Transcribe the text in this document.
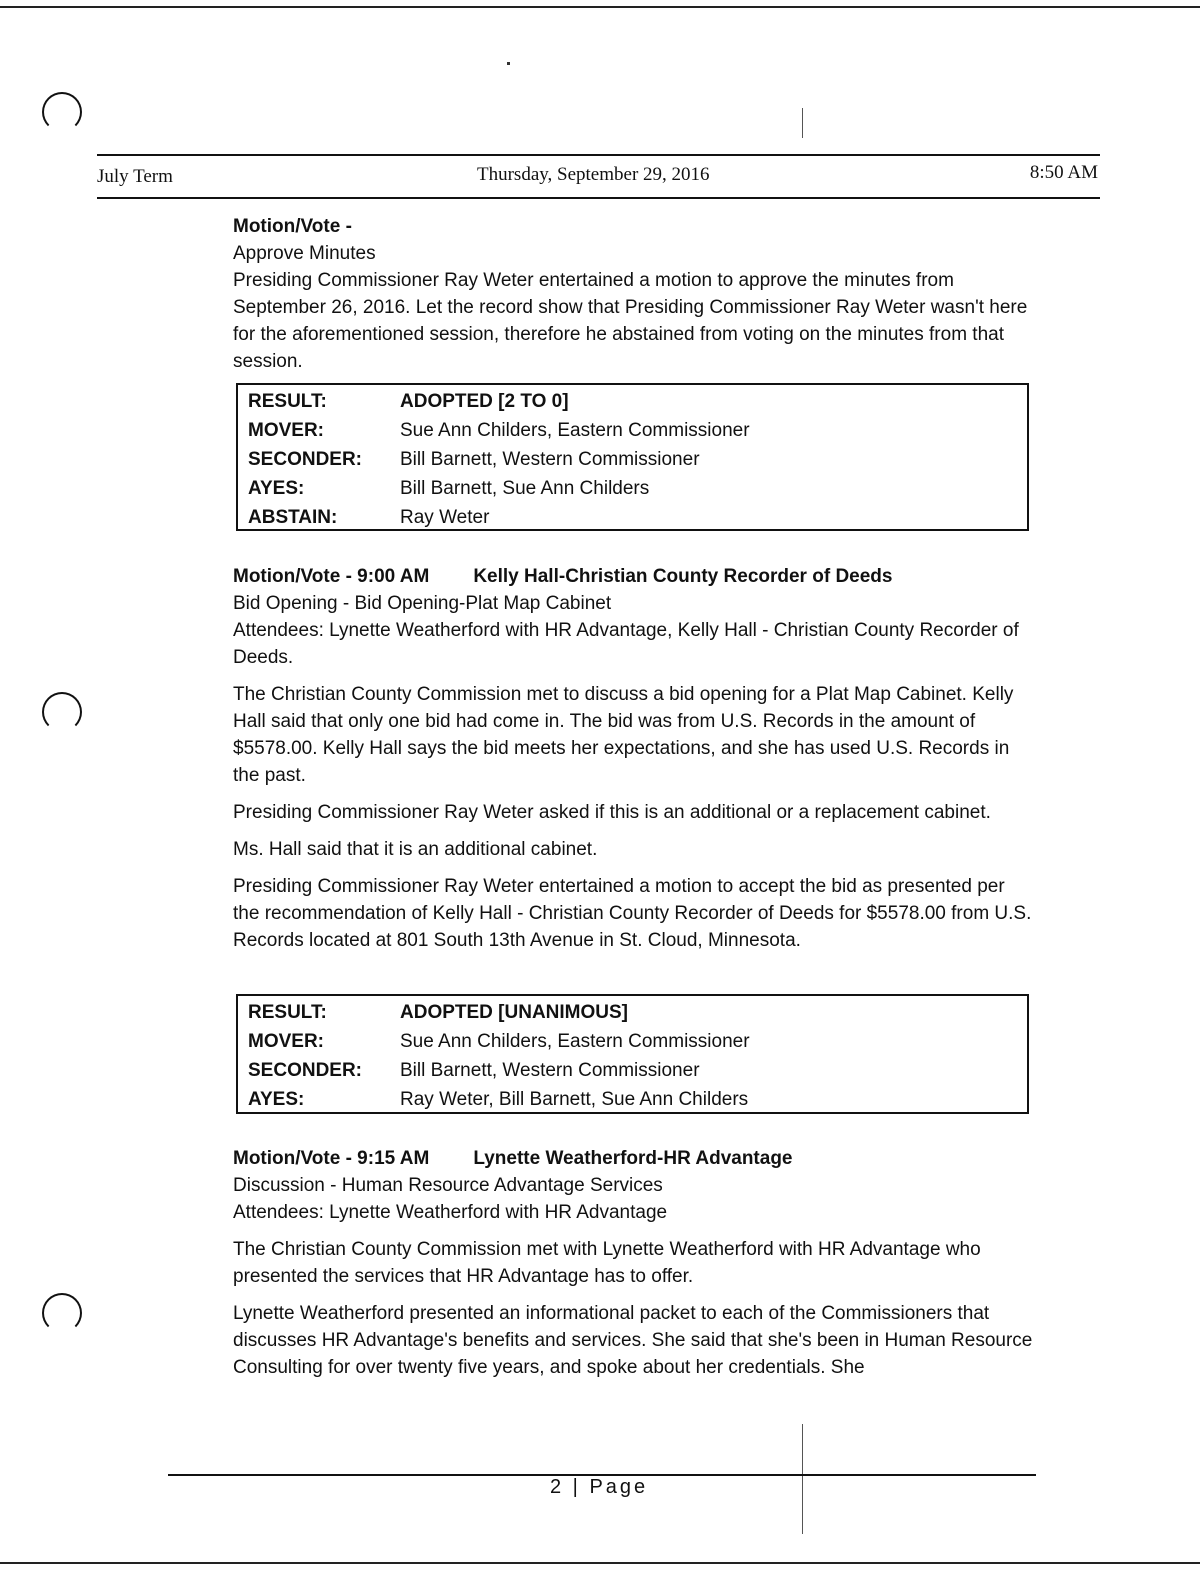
July Term	Thursday, September 29, 2016	8:50 AM

Motion/Vote -

Approve Minutes

Presiding Commissioner Ray Weter entertained a motion to approve the minutes from September 26, 2016. Let the record show that Presiding Commissioner Ray Weter wasn't here for the aforementioned session, therefore he abstained from voting on the minutes from that session.

RESULT:	ADOPTED [2 TO 0]
MOVER:	Sue Ann Childers, Eastern Commissioner
SECONDER: Bill Barnett, Western Commissioner
AYES:	Bill Barnett, Sue Ann Childers
ABSTAIN:	Ray Weter

Motion/Vote - 9:00 AM Kelly Hall-Christian County Recorder of Deeds

Bid Opening - Bid Opening-Plat Map Cabinet

Attendees: Lynette Weatherford with HR Advantage, Kelly Hall - Christian County Recorder of Deeds.

The Christian County Commission met to discuss a bid opening for a Plat Map Cabinet. Kelly Hall said that only one bid had come in. The bid was from U.S. Records in the amount of $5578.00. Kelly Hall says the bid meets her expectations, and she has used U.S. Records in the past.

Presiding Commissioner Ray Weter asked if this is an additional or a replacement cabinet.

Ms. Hall said that it is an additional cabinet.

Presiding Commissioner Ray Weter entertained a motion to accept the bid as presented per the recommendation of Kelly Hall - Christian County Recorder of Deeds for $5578.00 from U.S. Records located at 801 South 13th Avenue in St. Cloud, Minnesota.

RESULT:	ADOPTED [UNANIMOUS]
MOVER:	Sue Ann Childers, Eastern Commissioner
SECONDER: Bill Barnett, Western Commissioner
AYES:	Ray Weter, Bill Barnett, Sue Ann Childers

Motion/Vote - 9:15 AM Lynette Weatherford-HR Advantage

Discussion - Human Resource Advantage Services

Attendees: Lynette Weatherford with HR Advantage

The Christian County Commission met with Lynette Weatherford with HR Advantage who presented the services that HR Advantage has to offer.

Lynette Weatherford presented an informational packet to each of the Commissioners that discusses HR Advantage's benefits and services. She said that she's been in Human Resource Consulting for over twenty five years, and spoke about her credentials. She

2 | Page
